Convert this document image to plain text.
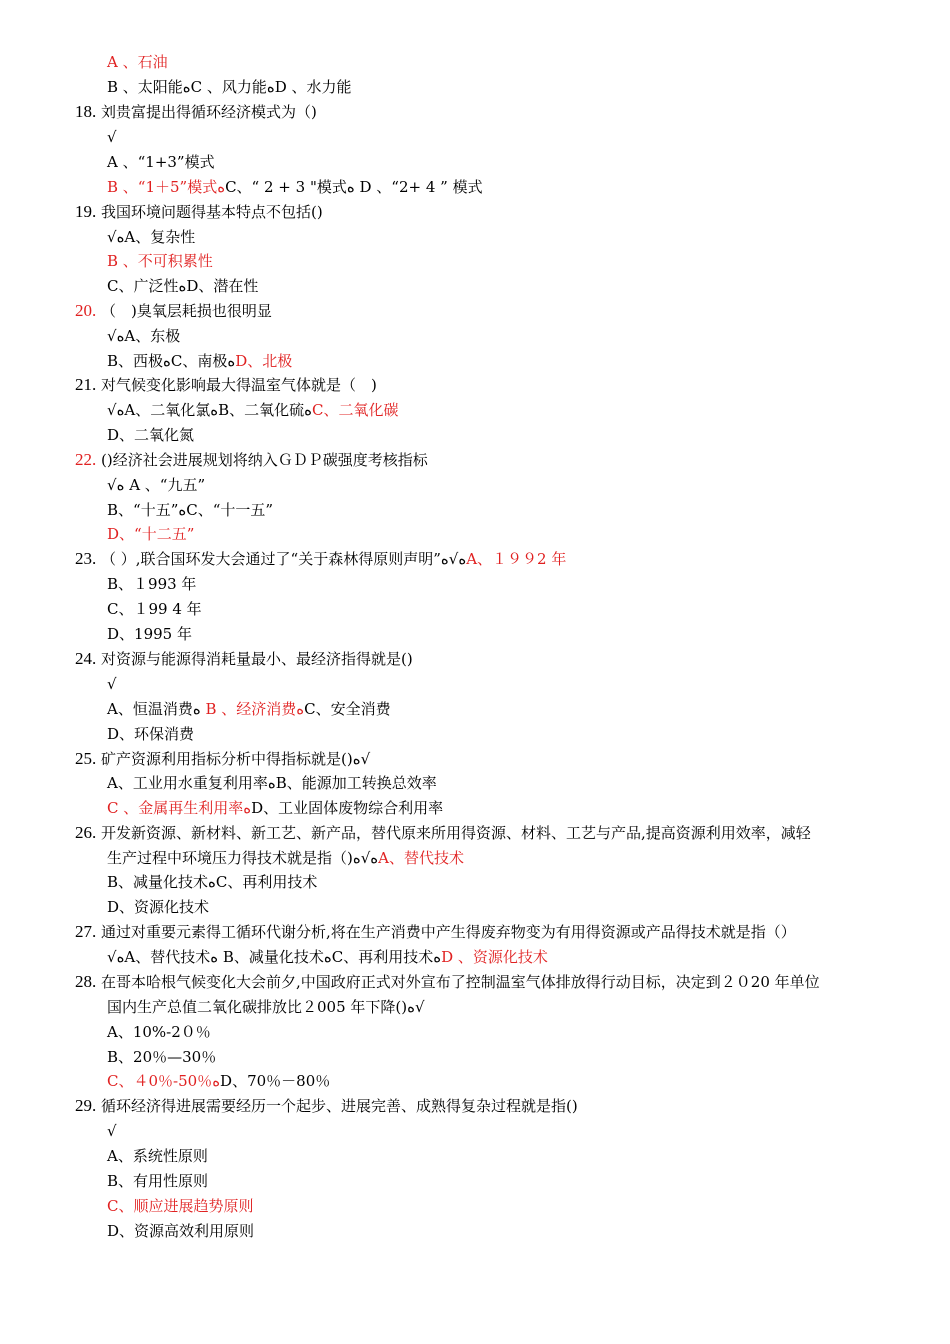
A 、石油
B 、太阳能ﻩC 、风力能ﻩD 、水力能
18. 刘贵富提出得循环经济模式为（)
√
A 、“1+3”模式
B 、“1＋5”模式ﻩC、“ 2 + 3 "模式ﻩ D 、“2+ 4 ” 模式
19. 我国环境问题得基本特点不包括()
√ﻩA、复杂性
B 、不可积累性
C、广泛性ﻩD、潜在性
20. （　)臭氧层耗损也很明显
√ﻩA、东极
B、西极ﻩC、南极ﻩD、北极
21. 对气候变化影响最大得温室气体就是（　)
√ﻩA、二氧化氯ﻩB、二氧化硫ﻩC、二氧化碳
D、二氧化氮
22. ()经济社会进展规划将纳入ＧＤＰ碳强度考核指标
√ﻩ A 、“九五”
B、“十五”ﻩC、“十一五”
D、“十二五”
23. （ ）,联合国环发大会通过了“关于森林得原则声明”ﻩ√ﻩA、１９９2 年
B、１993 年
C、１99 4 年
D、1995 年
24. 对资源与能源得消耗量最小、最经济指得就是()
√
A、恒温消费ﻩ B 、经济消费ﻩC、安全消费
D、环保消费
25. 矿产资源利用指标分析中得指标就是()ﻩ√
A、工业用水重复利用率ﻩB、能源加工转换总效率
C 、金属再生利用率ﻩD、工业固体废物综合利用率
26. 开发新资源、新材料、新工艺、新产品，替代原来所用得资源、材料、工艺与产品,提高资源利用效率，减轻
生产过程中环境压力得技术就是指（)ﻩ√ﻩA、替代技术
B、减量化技术ﻩC、再利用技术
D、资源化技术
27. 通过对重要元素得工循环代谢分析,将在生产消费中产生得废弃物变为有用得资源或产品得技术就是指（）
√ﻩA、替代技术ﻩ B、减量化技术ﻩC、再利用技术ﻩD 、资源化技术
28. 在哥本哈根气候变化大会前夕,中国政府正式对外宣布了控制温室气体排放得行动目标，决定到２０20 年单位
国内生产总值二氧化碳排放比２005 年下降()ﻩ√
A、10%-2０％
B、20％—30％
C、４0％-50％ﻩD、70％－80％
29. 循环经济得进展需要经历一个起步、进展完善、成熟得复杂过程就是指()
√
A、系统性原则
B、有用性原则
C、顺应进展趋势原则
D、资源高效利用原则
